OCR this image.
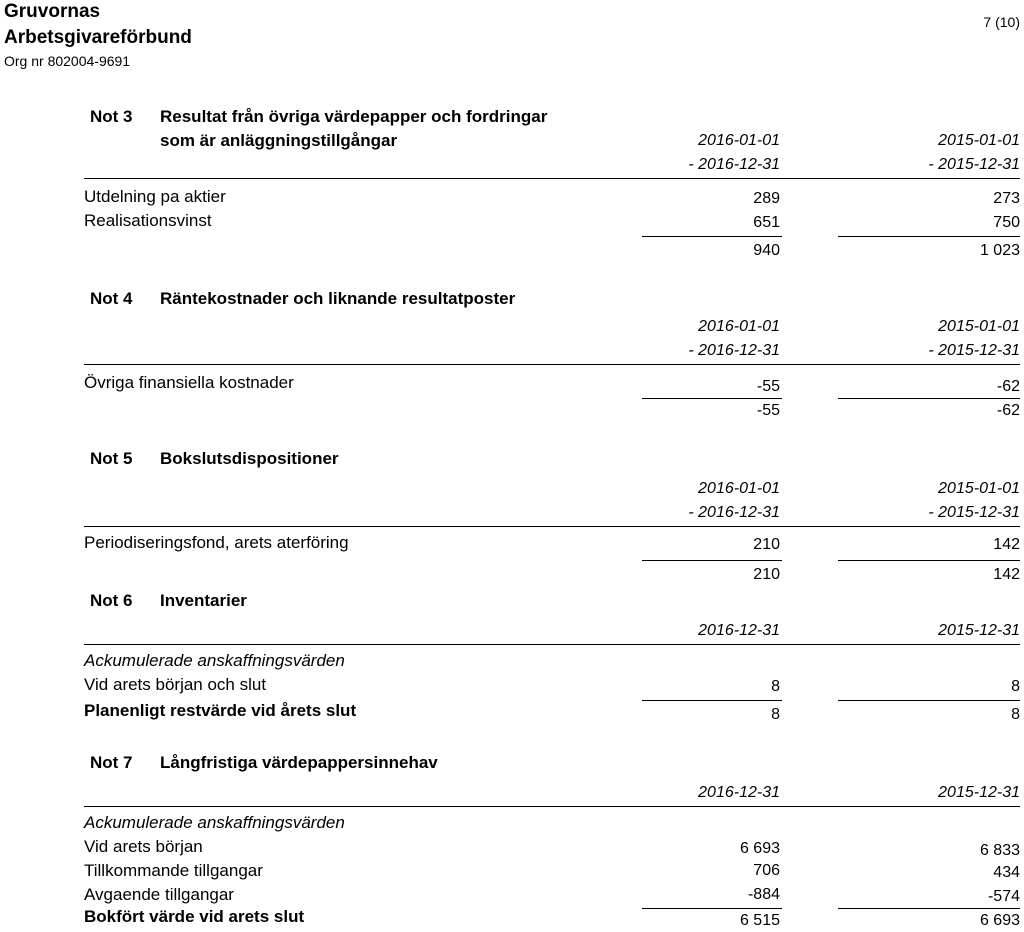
Gruvornas
Arbetsgivareförbund
Org nr 802004-9691
7 (10)
Not 3 Resultat från övriga värdepapper och fordringar
som är anläggningstillgångar	2016-01-01	2015-01-01
- 2016-12-31	- 2015-12-31
Utdelning pa aktier	289	273
Realisationsvinst	651	750
940	1 023
Not 4 Räntekostnader och liknande resultatposter
2016-01-01	2015-01-01
- 2016-12-31	- 2015-12-31
Övriga finansiella kostnader	-55	-62
-55	-62
Not 5 Bokslutsdispositioner
2016-01-01	2015-01-01
- 2016-12-31	- 2015-12-31
Periodiseringsfond, arets aterföring	210	142
210	142
Not 6 Inventarier
2016-12-31	2015-12-31
Ackumulerade anskaffningsvärden
Vid arets början och slut	8	8
Planenligt restvärde vid årets slut	8	8
Not 7 Långfristiga värdepappersinnehav
2016-12-31	2015-12-31
Ackumulerade anskaffningsvärden
Vid arets början	6 693	6 833
Tillkommande tillgangar	706	434
Avgaende tillgangar	-884	-574
Bokfört värde vid arets slut	6 515	6 693
